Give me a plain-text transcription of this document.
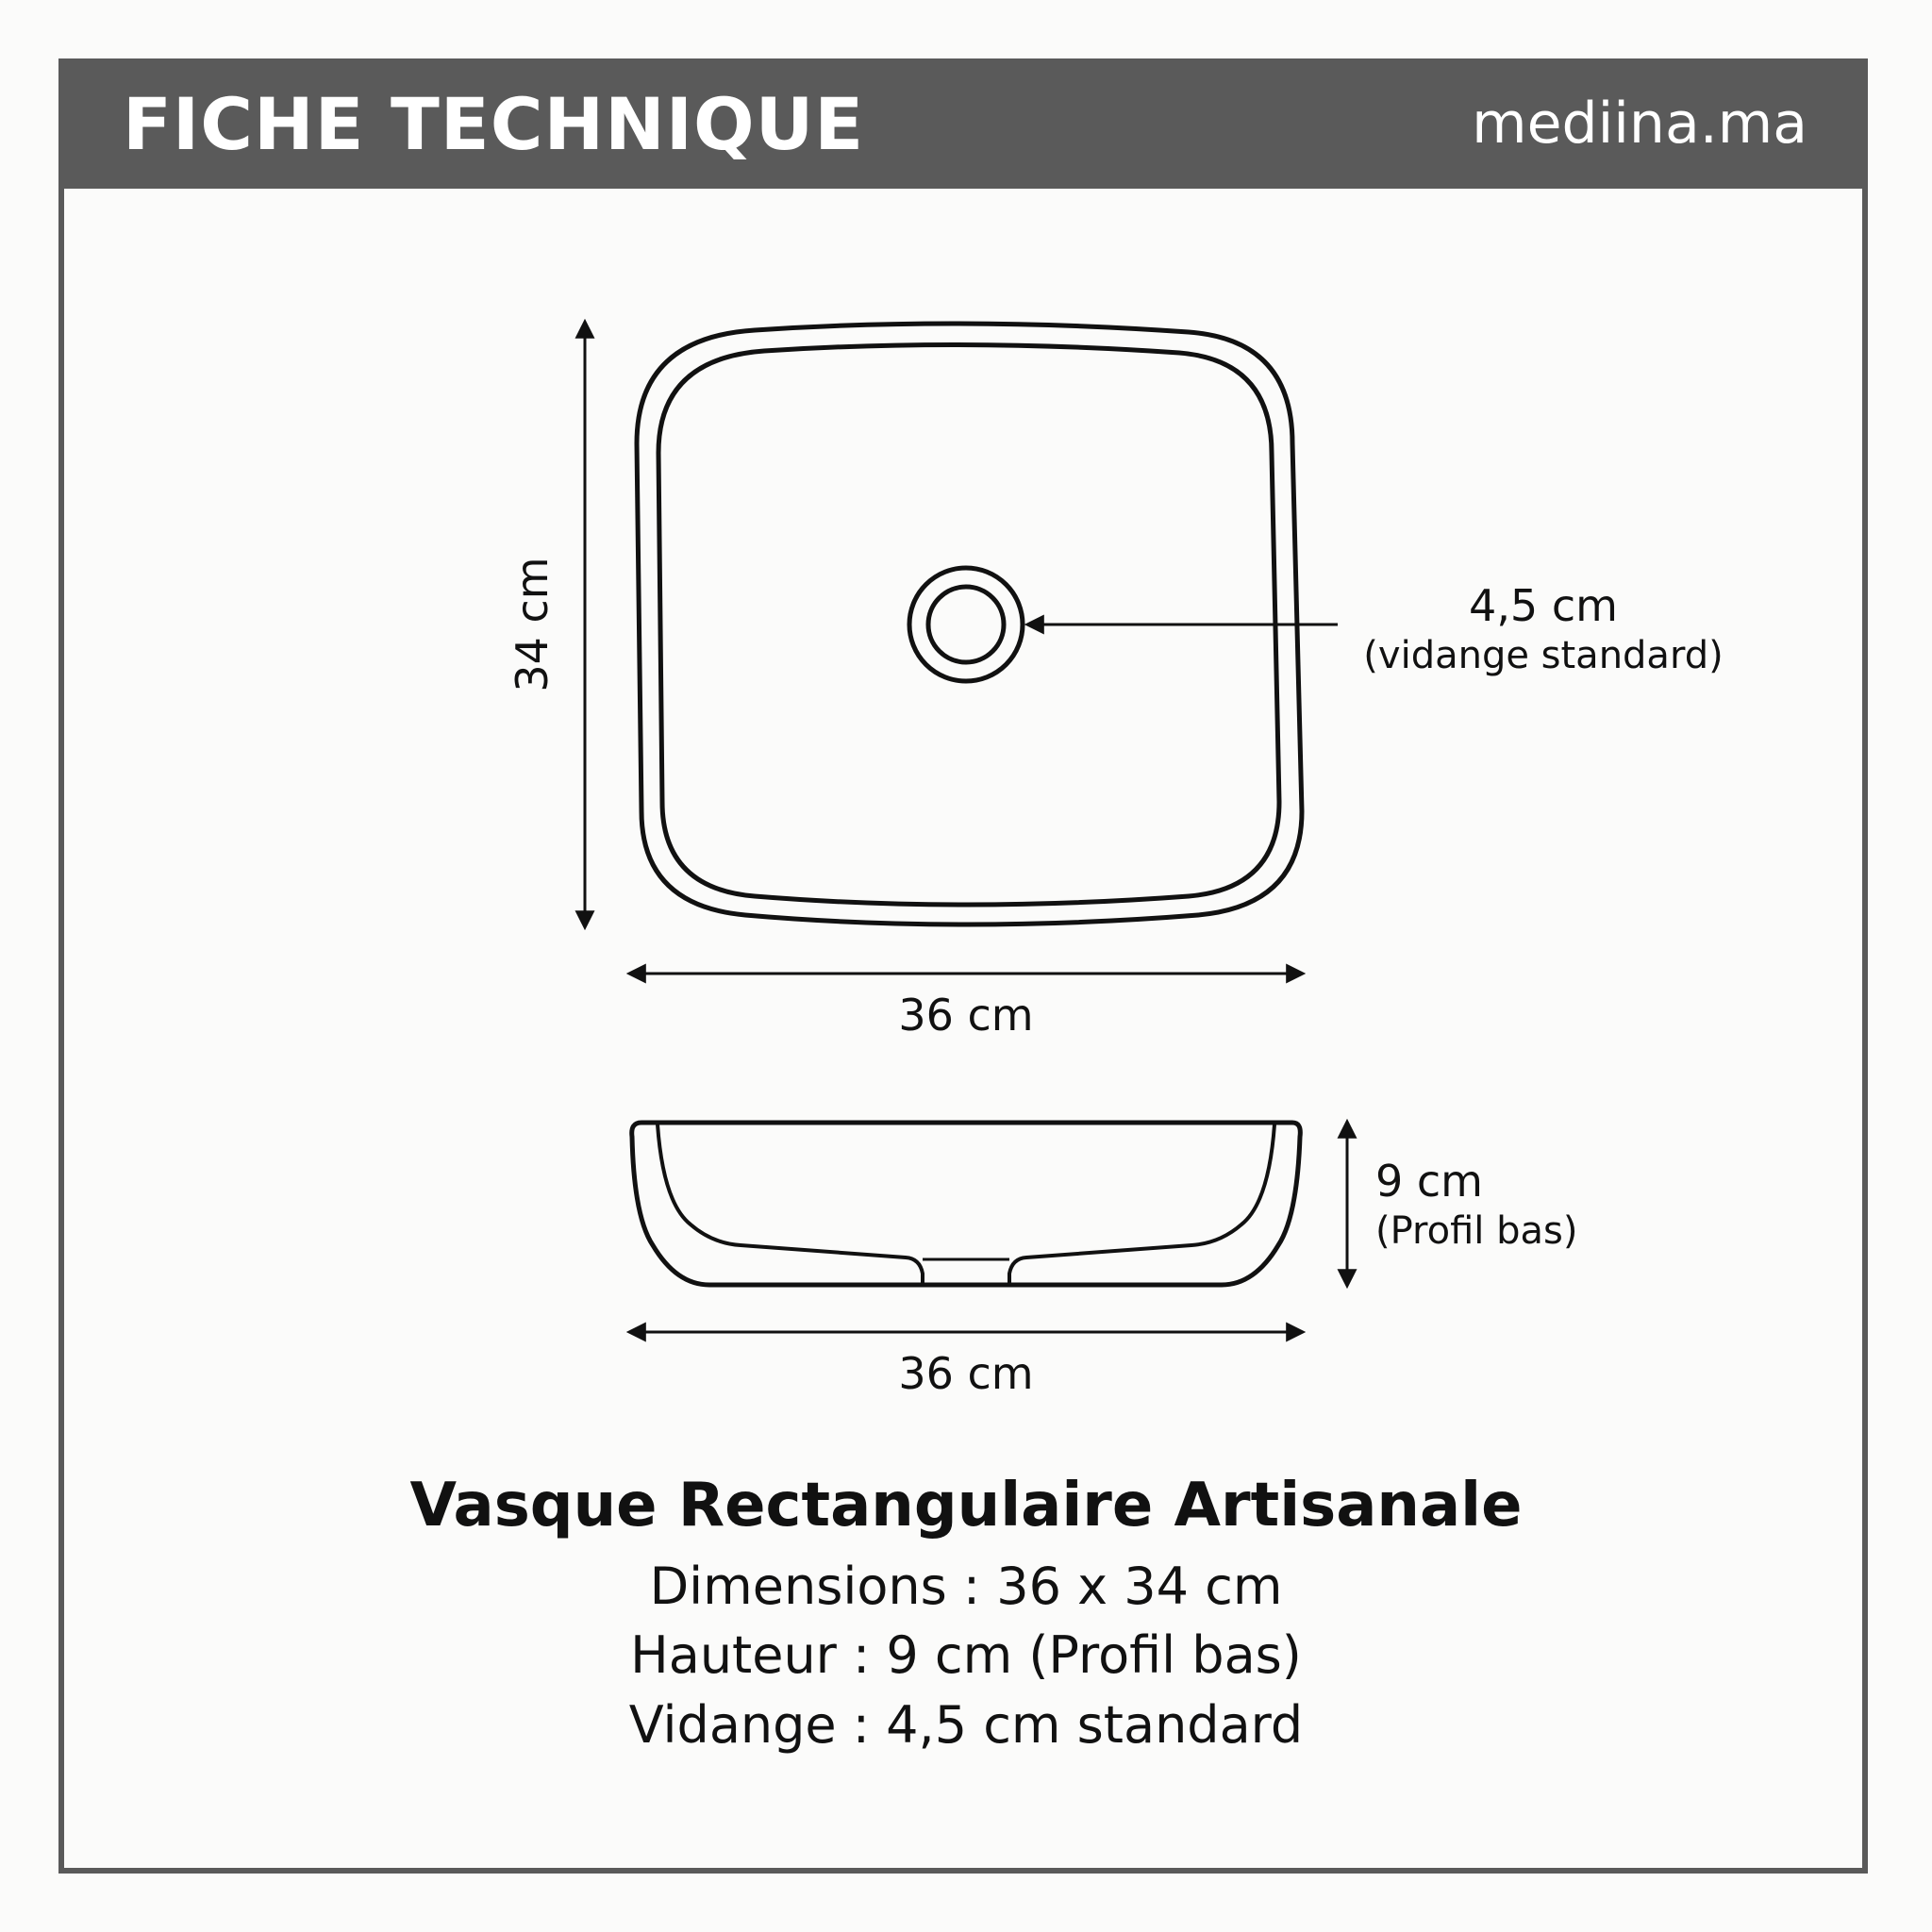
FICHE TECHNIQUE	mediina.ma
34 cm
36 cm
4,5 cm
(vidange standard)
9 cm
(Profil bas)
36 cm
Vasque Rectangulaire Artisanale
Dimensions : 36 x 34 cm
Hauteur : 9 cm (Profil bas)
Vidange : 4,5 cm standard
